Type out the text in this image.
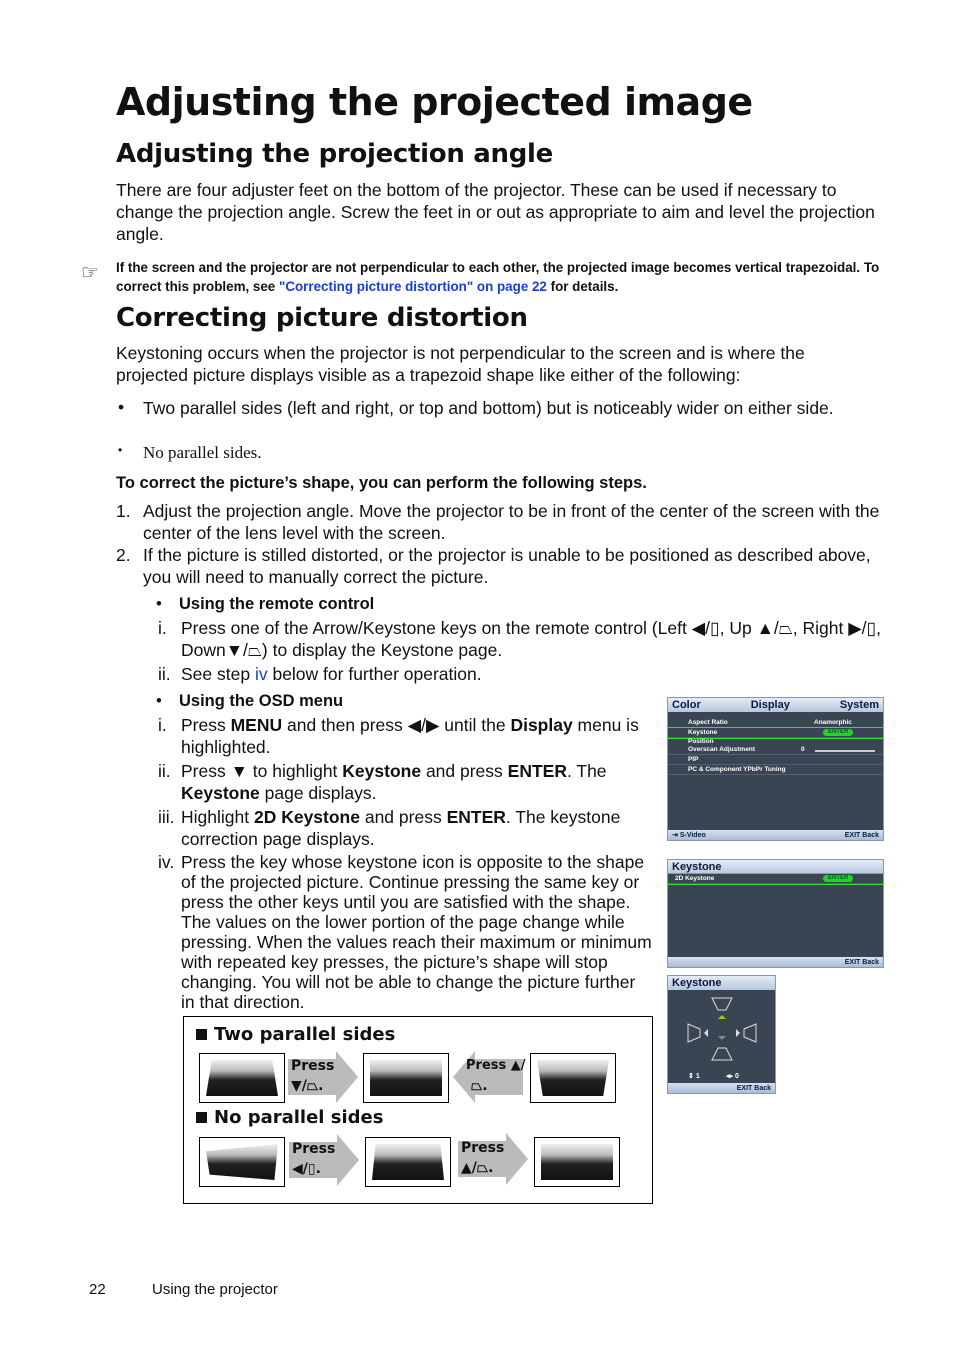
Adjusting the projected image
Adjusting the projection angle
There are four adjuster feet on the bottom of the projector. These can be used if necessary to change the projection angle. Screw the feet in or out as appropriate to aim and level the projection angle.
☞ If the screen and the projector are not perpendicular to each other, the projected image becomes vertical trapezoidal. To correct this problem, see "Correcting picture distortion" on page 22 for details.
Correcting picture distortion
Keystoning occurs when the projector is not perpendicular to the screen and is where the projected picture displays visible as a trapezoid shape like either of the following:
• Two parallel sides (left and right, or top and bottom) but is noticeably wider on either side.
• No parallel sides.
To correct the picture’s shape, you can perform the following steps.
1. Adjust the projection angle. Move the projector to be in front of the center of the screen with the center of the lens level with the screen.
2. If the picture is stilled distorted, or the projector is unable to be positioned as described above, you will need to manually correct the picture.
• Using the remote control
i. Press one of the Arrow/Keystone keys on the remote control (Left ◀/▯, Up ▲/⏢, Right ▶/▯, Down▼/⏢) to display the Keystone page.
ii. See step iv below for further operation.
• Using the OSD menu
i. Press MENU and then press ◀/▶ until the Display menu is highlighted.
ii. Press ▼ to highlight Keystone and press ENTER. The Keystone page displays.
iii. Highlight 2D Keystone and press ENTER. The keystone correction page displays.
iv. Press the key whose keystone icon is opposite to the shape of the projected picture. Continue pressing the same key or press the other keys until you are satisfied with the shape.
The values on the lower portion of the page change while pressing. When the values reach their maximum or minimum with repeated key presses, the picture’s shape will stop changing. You will not be able to change the picture further in that direction.
Two parallel sides
Press
▼/⏢.
Press ▲/
⏢.
No parallel sides
Press
◀/▯.
Press
▲/⏢.
Color	Display	System
Aspect Ratio	Anamorphic
Keystone	ENTER
Position
Overscan Adjustment	0
PIP
PC & Component YPbPr Tuning
⇥ S-Video	EXIT Back
Keystone
2D Keystone	ENTER
EXIT Back
Keystone
⇕ 1	◂▸ 0
EXIT Back
22	Using the projector
